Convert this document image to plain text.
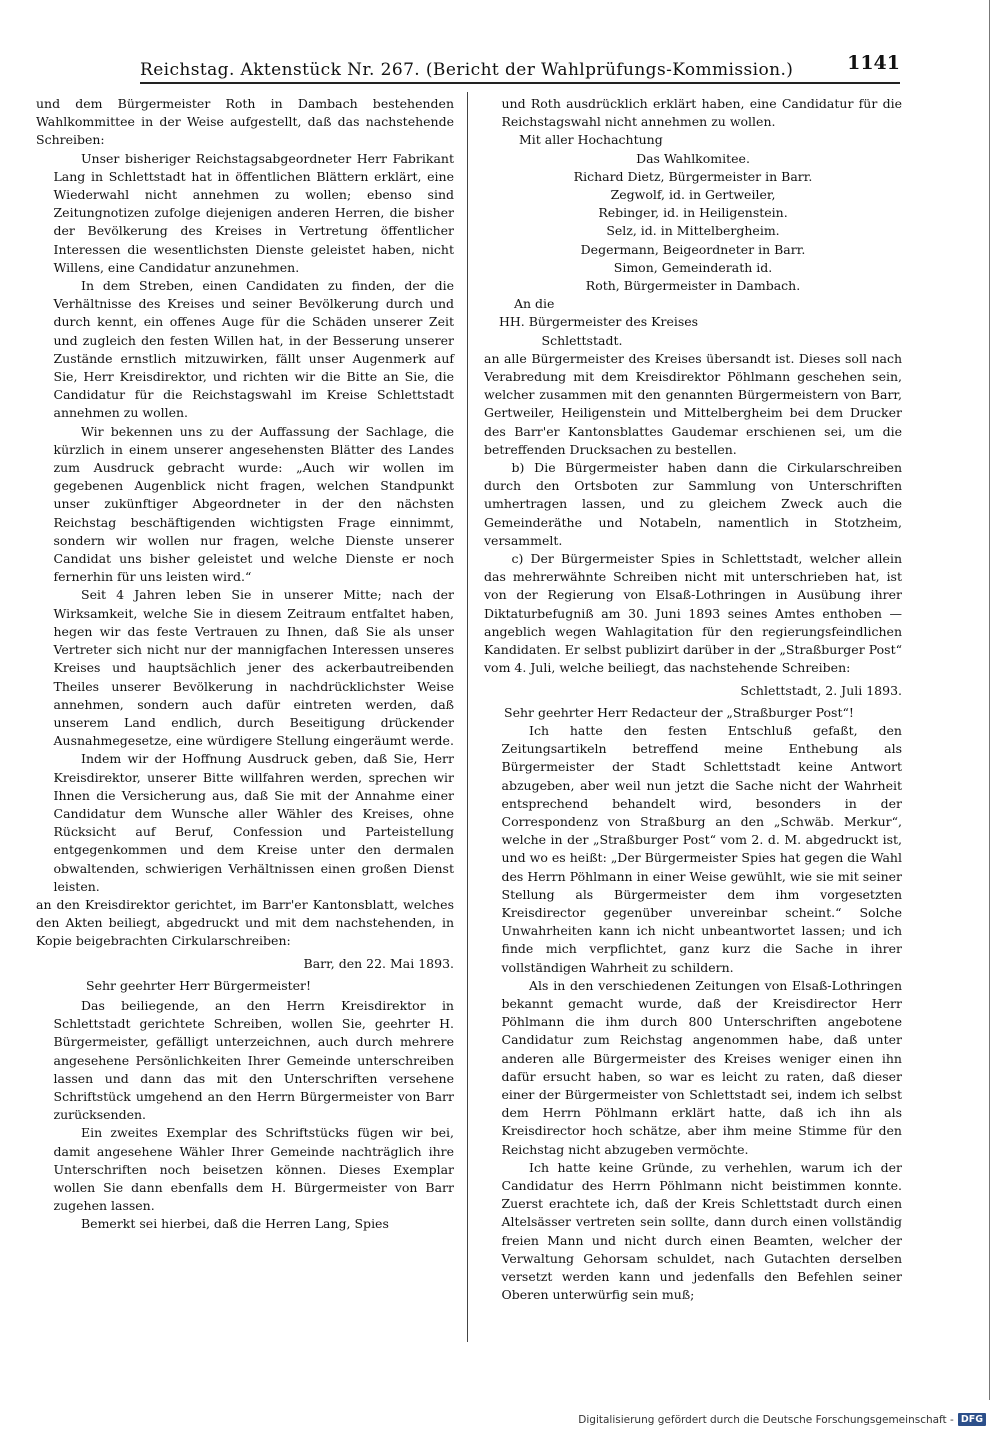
Reichstag. Aktenstück Nr. 267. (Bericht der Wahlprüfungs-Kommission.)	1141

und dem Bürgermeister Roth in Dambach bestehenden Wahlkommittee in der Weise aufgestellt, daß das nachstehende Schreiben:

Unser bisheriger Reichstagsabgeordneter Herr Fabrikant Lang in Schlettstadt hat in öffentlichen Blättern erklärt, eine Wiederwahl nicht annehmen zu wollen; ebenso sind Zeitungnotizen zufolge diejenigen anderen Herren, die bisher der Bevölkerung des Kreises in Vertretung öffentlicher Interessen die wesentlichsten Dienste geleistet haben, nicht Willens, eine Candidatur anzunehmen.

In dem Streben, einen Candidaten zu finden, der die Verhältnisse des Kreises und seiner Bevölkerung durch und durch kennt, ein offenes Auge für die Schäden unserer Zeit und zugleich den festen Willen hat, in der Besserung unserer Zustände ernstlich mitzuwirken, fällt unser Augenmerk auf Sie, Herr Kreisdirektor, und richten wir die Bitte an Sie, die Candidatur für die Reichstagswahl im Kreise Schlettstadt annehmen zu wollen.

Wir bekennen uns zu der Auffassung der Sachlage, die kürzlich in einem unserer angesehensten Blätter des Landes zum Ausdruck gebracht wurde: „Auch wir wollen im gegebenen Augenblick nicht fragen, welchen Standpunkt unser zukünftiger Abgeordneter in der den nächsten Reichstag beschäftigenden wichtigsten Frage einnimmt, sondern wir wollen nur fragen, welche Dienste unserer Candidat uns bisher geleistet und welche Dienste er noch fernerhin für uns leisten wird.“

Seit 4 Jahren leben Sie in unserer Mitte; nach der Wirksamkeit, welche Sie in diesem Zeitraum entfaltet haben, hegen wir das feste Vertrauen zu Ihnen, daß Sie als unser Vertreter sich nicht nur der mannigfachen Interessen unseres Kreises und hauptsächlich jener des ackerbautreibenden Theiles unserer Bevölkerung in nachdrücklichster Weise annehmen, sondern auch dafür eintreten werden, daß unserem Land endlich, durch Beseitigung drückender Ausnahmegesetze, eine würdigere Stellung eingeräumt werde.

Indem wir der Hoffnung Ausdruck geben, daß Sie, Herr Kreisdirektor, unserer Bitte willfahren werden, sprechen wir Ihnen die Versicherung aus, daß Sie mit der Annahme einer Candidatur dem Wunsche aller Wähler des Kreises, ohne Rücksicht auf Beruf, Confession und Parteistellung entgegenkommen und dem Kreise unter den dermalen obwaltenden, schwierigen Verhältnissen einen großen Dienst leisten.

an den Kreisdirektor gerichtet, im Barr'er Kantonsblatt, welches den Akten beiliegt, abgedruckt und mit dem nachstehenden, in Kopie beigebrachten Cirkularschreiben:

Barr, den 22. Mai 1893.

Sehr geehrter Herr Bürgermeister!

Das beiliegende, an den Herrn Kreisdirektor in Schlettstadt gerichtete Schreiben, wollen Sie, geehrter H. Bürgermeister, gefälligt unterzeichnen, auch durch mehrere angesehene Persönlichkeiten Ihrer Gemeinde unterschreiben lassen und dann das mit den Unterschriften versehene Schriftstück umgehend an den Herrn Bürgermeister von Barr zurücksenden.

Ein zweites Exemplar des Schriftstücks fügen wir bei, damit angesehene Wähler Ihrer Gemeinde nachträglich ihre Unterschriften noch beisetzen können. Dieses Exemplar wollen Sie dann ebenfalls dem H. Bürgermeister von Barr zugehen lassen.

Bemerkt sei hierbei, daß die Herren Lang, Spies

und Roth ausdrücklich erklärt haben, eine Candidatur für die Reichstagswahl nicht annehmen zu wollen.

Mit aller Hochachtung

Das Wahlkomitee.
Richard Dietz, Bürgermeister in Barr.
Zegwolf, id. in Gertweiler,
Rebinger, id. in Heiligenstein.
Selz, id. in Mittelbergheim.
Degermann, Beigeordneter in Barr.
Simon, Gemeinderath id.
Roth, Bürgermeister in Dambach.

An die

HH. Bürgermeister des Kreises

Schlettstadt.

an alle Bürgermeister des Kreises übersandt ist. Dieses soll nach Verabredung mit dem Kreisdirektor Pöhlmann geschehen sein, welcher zusammen mit den genannten Bürgermeistern von Barr, Gertweiler, Heiligenstein und Mittelbergheim bei dem Drucker des Barr'er Kantonsblattes Gaudemar erschienen sei, um die betreffenden Drucksachen zu bestellen.

b) Die Bürgermeister haben dann die Cirkularschreiben durch den Ortsboten zur Sammlung von Unterschriften umhertragen lassen, und zu gleichem Zweck auch die Gemeinderäthe und Notabeln, namentlich in Stotzheim, versammelt.

c) Der Bürgermeister Spies in Schlettstadt, welcher allein das mehrerwähnte Schreiben nicht mit unterschrieben hat, ist von der Regierung von Elsaß-Lothringen in Ausübung ihrer Diktaturbefugniß am 30. Juni 1893 seines Amtes enthoben — angeblich wegen Wahlagitation für den regierungsfeindlichen Kandidaten. Er selbst publizirt darüber in der „Straßburger Post“ vom 4. Juli, welche beiliegt, das nachstehende Schreiben:

Schlettstadt, 2. Juli 1893.

Sehr geehrter Herr Redacteur der „Straßburger Post“!

Ich hatte den festen Entschluß gefaßt, den Zeitungsartikeln betreffend meine Enthebung als Bürgermeister der Stadt Schlettstadt keine Antwort abzugeben, aber weil nun jetzt die Sache nicht der Wahrheit entsprechend behandelt wird, besonders in der Correspondenz von Straßburg an den „Schwäb. Merkur“, welche in der „Straßburger Post“ vom 2. d. M. abgedruckt ist, und wo es heißt: „Der Bürgermeister Spies hat gegen die Wahl des Herrn Pöhlmann in einer Weise gewühlt, wie sie mit seiner Stellung als Bürgermeister dem ihm vorgesetzten Kreisdirector gegenüber unvereinbar scheint.“ Solche Unwahrheiten kann ich nicht unbeantwortet lassen; und ich finde mich verpflichtet, ganz kurz die Sache in ihrer vollständigen Wahrheit zu schildern.

Als in den verschiedenen Zeitungen von Elsaß-Lothringen bekannt gemacht wurde, daß der Kreisdirector Herr Pöhlmann die ihm durch 800 Unterschriften angebotene Candidatur zum Reichstag angenommen habe, daß unter anderen alle Bürgermeister des Kreises weniger einen ihn dafür ersucht haben, so war es leicht zu raten, daß dieser einer der Bürgermeister von Schlettstadt sei, indem ich selbst dem Herrn Pöhlmann erklärt hatte, daß ich ihn als Kreisdirector hoch schätze, aber ihm meine Stimme für den Reichstag nicht abzugeben vermöchte.

Ich hatte keine Gründe, zu verhehlen, warum ich der Candidatur des Herrn Pöhlmann nicht beistimmen konnte. Zuerst erachtete ich, daß der Kreis Schlettstadt durch einen Altelsässer vertreten sein sollte, dann durch einen vollständig freien Mann und nicht durch einen Beamten, welcher der Verwaltung Gehorsam schuldet, nach Gutachten derselben versetzt werden kann und jedenfalls den Befehlen seiner Oberen unterwürfig sein muß;

Digitalisierung gefördert durch die Deutsche Forschungsgemeinschaft - DFG
